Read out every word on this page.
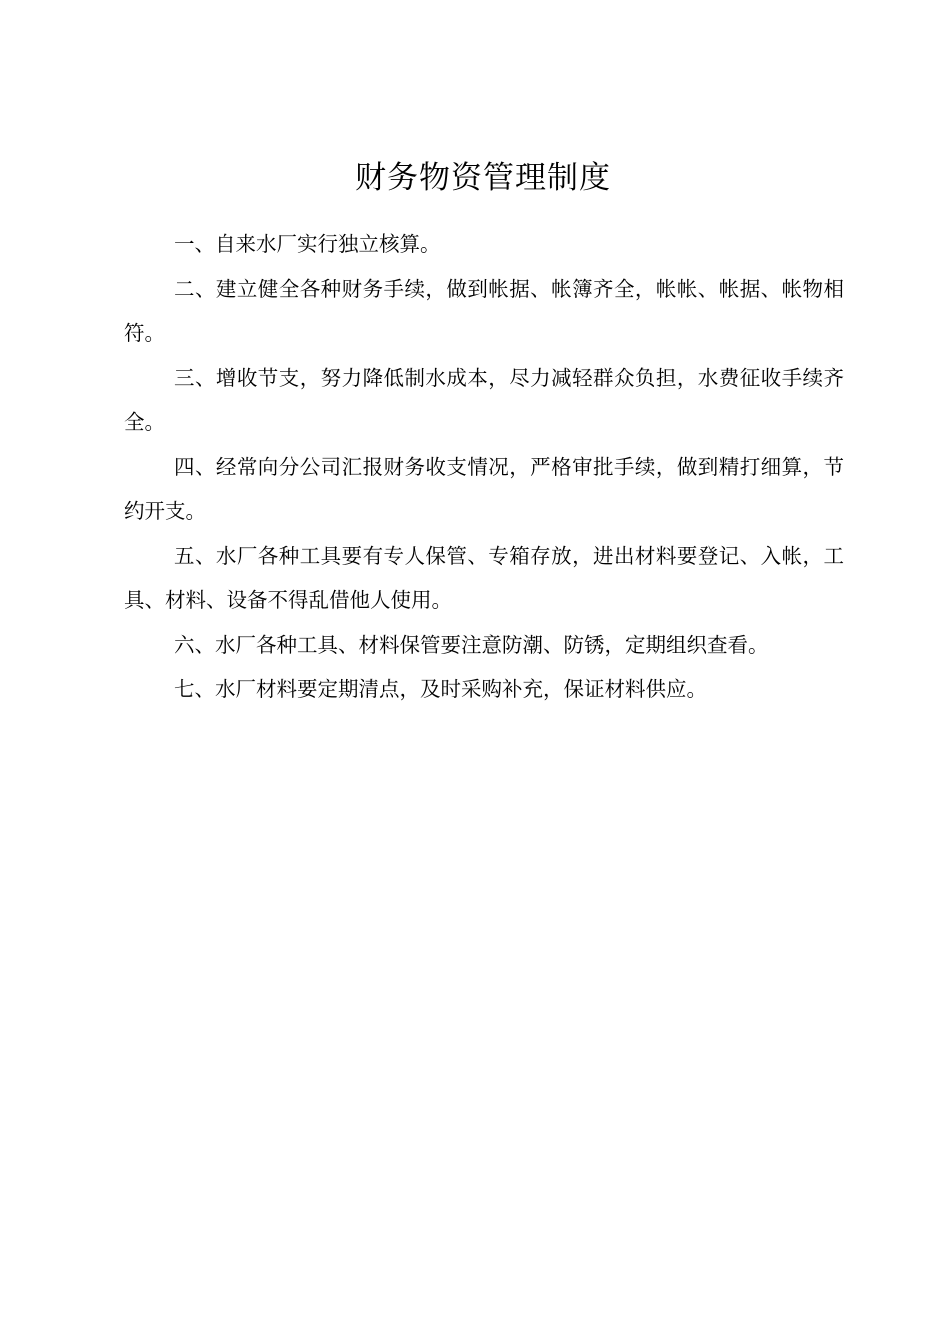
财务物资管理制度

一、自来水厂实行独立核算。

二、建立健全各种财务手续，做到帐据、帐簿齐全，帐帐、帐据、帐物相符。

三、增收节支，努力降低制水成本，尽力减轻群众负担，水费征收手续齐全。

四、经常向分公司汇报财务收支情况，严格审批手续，做到精打细算，节约开支。

五、水厂各种工具要有专人保管、专箱存放，进出材料要登记、入帐，工具、材料、设备不得乱借他人使用。

六、水厂各种工具、材料保管要注意防潮、防锈，定期组织查看。

七、水厂材料要定期清点，及时采购补充，保证材料供应。
